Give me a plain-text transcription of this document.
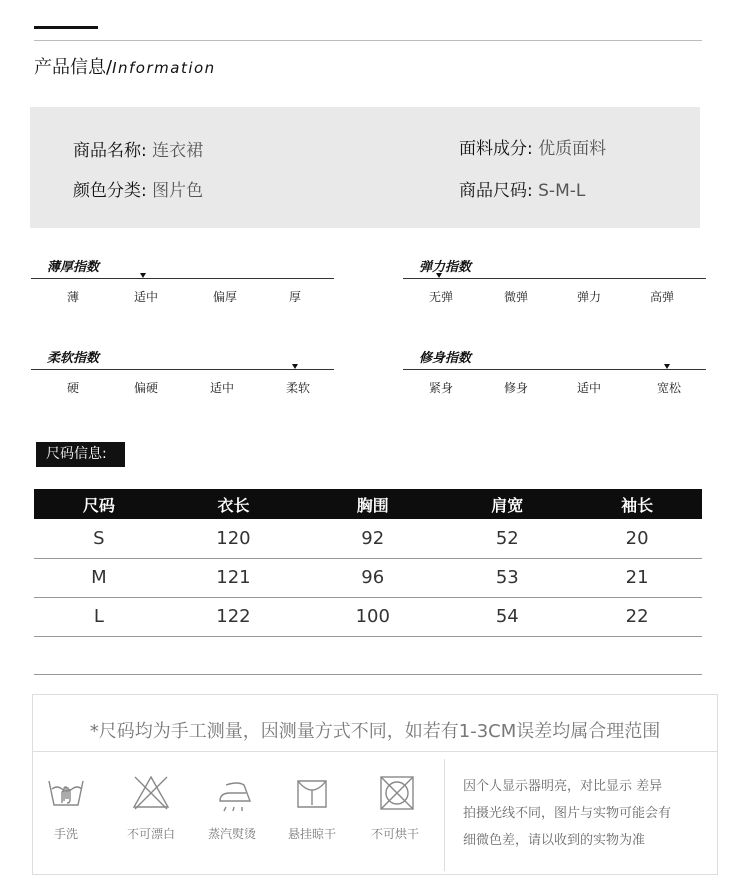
产品信息/Information
商品名称: 连衣裙	面料成分: 优质面料
颜色分类: 图片色	商品尺码: S-M-L
薄厚指数
薄	适中	偏厚	厚
弹力指数
无弹	微弹	弹力	高弹
柔软指数
硬	偏硬	适中	柔软
修身指数
紧身	修身	适中	宽松
尺码信息:
尺码	衣长	胸围	肩宽	袖长
S	120	92	52	20
M	121	96	53	21
L	122	100	54	22
*尺码均为手工测量，因测量方式不同，如若有1-3CM误差均属合理范围
手洗	不可漂白	蒸汽熨烫	悬挂晾干	不可烘干
因个人显示器明亮，对比显示 差异
拍摄光线不同，图片与实物可能会有
细微色差，请以收到的实物为准
